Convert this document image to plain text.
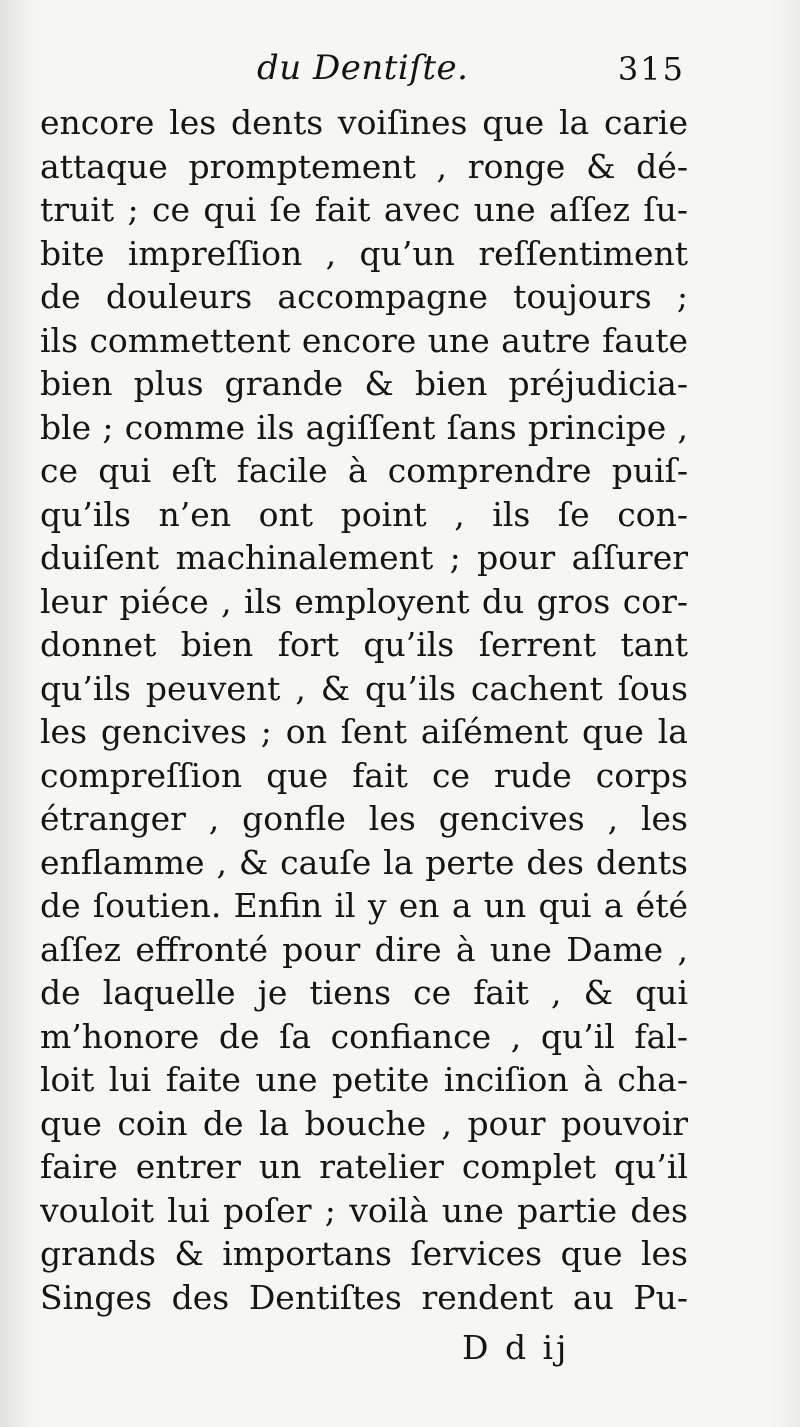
du Dentiſte.	315
encore les dents voiſines que la carie
attaque promptement , ronge & dé-
truit ; ce qui ſe fait avec une aſſez ſu-
bite impreſſion , qu’un reſſentiment
de douleurs accompagne toujours ;
ils commettent encore une autre faute
bien plus grande & bien préjudicia-
ble ; comme ils agiſſent ſans principe ,
ce qui eſt facile à comprendre puiſ-
qu’ils n’en ont point , ils ſe con-
duiſent machinalement ; pour aſſurer
leur piéce , ils employent du gros cor-
donnet bien fort qu’ils ſerrent tant
qu’ils peuvent , & qu’ils cachent ſous
les gencives ; on ſent aiſément que la
compreſſion que fait ce rude corps
étranger , gonfle les gencives , les
enflamme , & cauſe la perte des dents
de ſoutien. Enfin il y en a un qui a été
aſſez effronté pour dire à une Dame ,
de laquelle je tiens ce fait , & qui
m’honore de ſa confiance , qu’il fal-
loit lui faite une petite inciſion à cha-
que coin de la bouche , pour pouvoir
faire entrer un ratelier complet qu’il
vouloit lui poſer ; voilà une partie des
grands & importans ſervices que les
Singes des Dentiſtes rendent au Pu-
D d ij
